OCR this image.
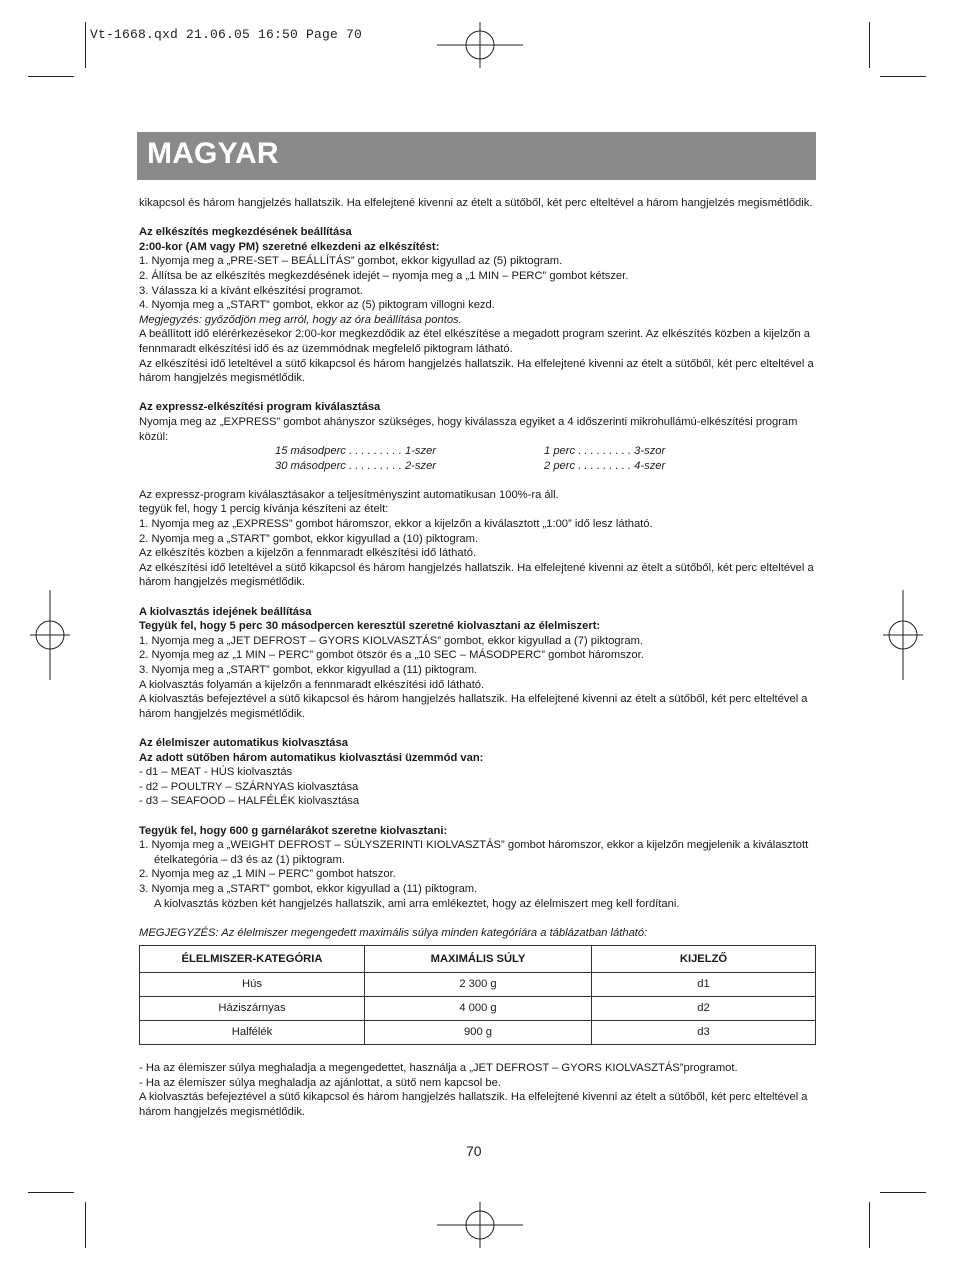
Vt-1668.qxd 21.06.05 16:50 Page 70
MAGYAR

kikapcsol és három hangjelzés hallatszik. Ha elfelejtené kivenni az ételt a sütőből, két perc elteltével a három hangjelzés megismétlődik.

Az elkészítés megkezdésének beállítása

2:00-kor (AM vagy PM) szeretné elkezdeni az elkészítést:

1. Nyomja meg a „PRE-SET – BEÁLLÍTÁS” gombot, ekkor kigyullad az (5) piktogram.

2. Állítsa be az elkészítés megkezdésének idejét – nyomja meg a „1 MIN – PERC” gombot kétszer.

3. Válassza ki a kívánt elkészítési programot.

4. Nyomja meg a „START” gombot, ekkor az (5) piktogram villogni kezd.

Megjegyzés: győződjön meg arról, hogy az óra beállítása pontos.

A beállított idő elérérkezésekor 2:00-kor megkezdődik az étel elkészítése a megadott program szerint. Az elkészítés közben a kijelzőn a fennmaradt elkészítési idő és az üzemmódnak megfelelő piktogram látható.

Az elkészítési idő leteltével a sütő kikapcsol és három hangjelzés hallatszik. Ha elfelejtené kivenni az ételt a sütőből, két perc elteltével a három hangjelzés megismétlődik.

Az expressz-elkészítési program kiválasztása

Nyomja meg az „EXPRESS” gombot ahányszor szükséges, hogy kiválassza egyiket a 4 időszerinti mikrohullámú-elkészítési program közül:

15 másodperc . . . . . . . . . 1-szer	1 perc . . . . . . . . . 3-szor
30 másodperc . . . . . . . . . 2-szer	2 perc . . . . . . . . . 4-szer

Az expressz-program kiválasztásakor a teljesítményszint automatikusan 100%-ra áll.

tegyük fel, hogy 1 percig kívánja készíteni az ételt:

1. Nyomja meg az „EXPRESS” gombot háromszor, ekkor a kijelzőn a kiválasztott „1:00” idő lesz látható.

2. Nyomja meg a „START” gombot, ekkor kigyullad a (10) piktogram.

Az elkészítés közben a kijelzőn a fennmaradt elkészítési idő látható.

Az elkészítési idő leteltével a sütő kikapcsol és három hangjelzés hallatszik. Ha elfelejtené kivenni az ételt a sütőből, két perc elteltével a három hangjelzés megismétlődik.

A kiolvasztás idejének beállítása

Tegyük fel, hogy 5 perc 30 másodpercen keresztül szeretné kiolvasztani az élelmiszert:

1. Nyomja meg a „JET DEFROST – GYORS KIOLVASZTÁS” gombot, ekkor kigyullad a (7) piktogram.

2. Nyomja meg az „1 MIN – PERC” gombot ötször és a „10 SEC – MÁSODPERC” gombot háromszor.

3. Nyomja meg a „START” gombot, ekkor kigyullad a (11) piktogram.

A kiolvasztás folyamán a kijelzőn a fennmaradt elkészítési idő látható.

A kiolvasztás befejeztével a sütő kikapcsol és három hangjelzés hallatszik. Ha elfelejtené kivenni az ételt a sütőből, két perc elteltével a három hangjelzés megismétlődik.

Az élelmiszer automatikus kiolvasztása

Az adott sütőben három automatikus kiolvasztási üzemmód van:

- d1 – MEAT - HÚS kiolvasztás

- d2 – POULTRY – SZÁRNYAS kiolvasztása

- d3 – SEAFOOD – HALFÉLÉK kiolvasztása

Tegyük fel, hogy 600 g garnélarákot szeretne kiolvasztani:

1. Nyomja meg a „WEIGHT DEFROST – SÚLYSZERINTI KIOLVASZTÁS” gombot háromszor, ekkor a kijelzőn megjelenik a kiválasztott ételkategória – d3 és az (1) piktogram.

2. Nyomja meg az „1 MIN – PERC” gombot hatszor.

3. Nyomja meg a „START” gombot, ekkor kigyullad a (11) piktogram.

A kiolvasztás közben két hangjelzés hallatszik, ami arra emlékeztet, hogy az élelmiszert meg kell fordítani.

MEGJEGYZÉS: Az élelmiszer megengedett maximális súlya minden kategóriára a táblázatban látható:

ÉLELMISZER-KATEGÓRIA	MAXIMÁLIS SÚLY	KIJELZŐ
Hús	2 300 g	d1
Háziszárnyas	4 000 g	d2
Halfélék	900 g	d3

- Ha az élemiszer súlya meghaladja a megengedettet, használja a „JET DEFROST – GYORS KIOLVASZTÁS”programot.

- Ha az élemiszer súlya meghaladja az ajánlottat, a sütő nem kapcsol be.

A kiolvasztás befejeztével a sütő kikapcsol és három hangjelzés hallatszik. Ha elfelejtené kivenni az ételt a sütőből, két perc elteltével a három hangjelzés megismétlődik.

70
